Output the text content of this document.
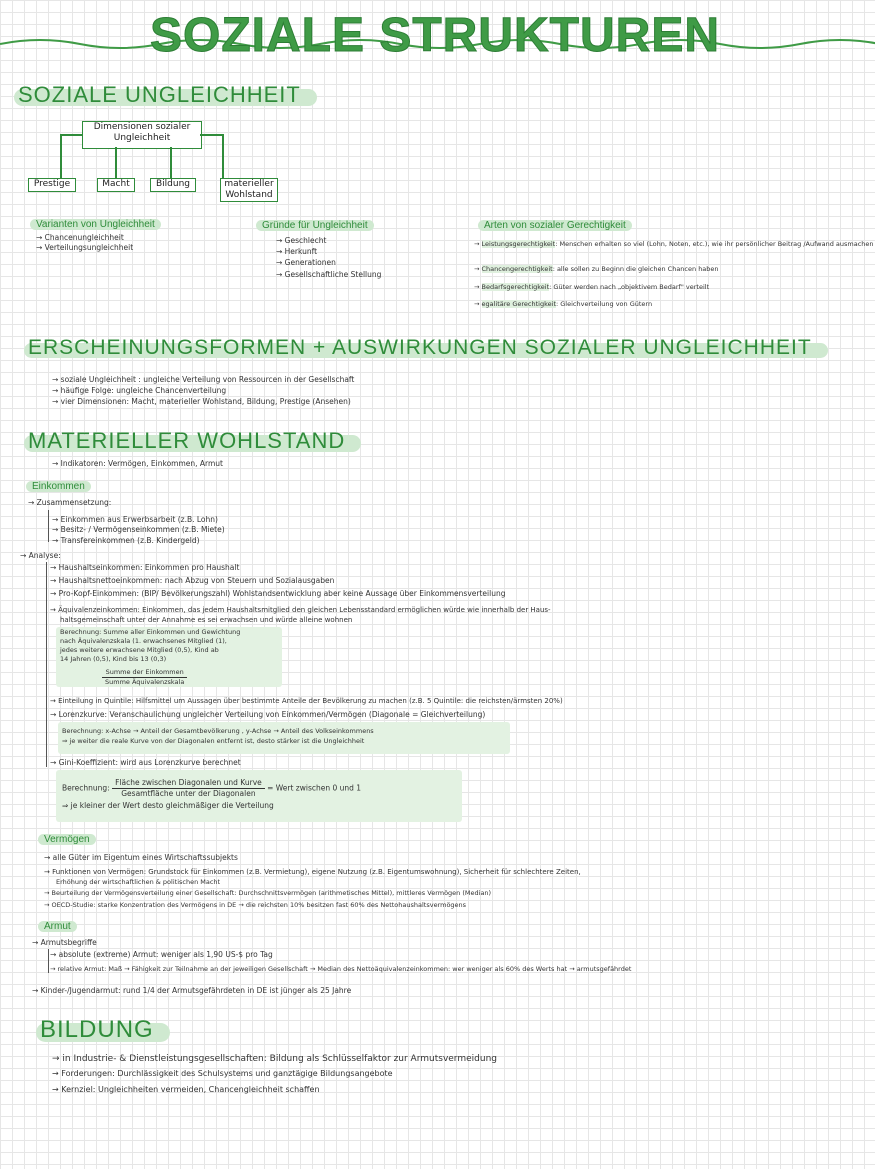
SOZIALE STRUKTUREN
SOZIALE UNGLEICHHEIT
Dimensionen sozialer Ungleichheit
Prestige	Macht	Bildung	materieller Wohlstand
Varianten von Ungleichheit
→ Chancenungleichheit
→ Verteilungsungleichheit
Gründe für Ungleichheit
→ Geschlecht
→ Herkunft
→ Generationen
→ Gesellschaftliche Stellung
Arten von sozialer Gerechtigkeit
→ Leistungsgerechtigkeit: Menschen erhalten so viel (Lohn, Noten, etc.), wie ihr persönlicher Beitrag /Aufwand ausmachen
→ Chancengerechtigkeit: alle sollen zu Beginn die gleichen Chancen haben
→ Bedarfsgerechtigkeit: Güter werden nach „objektivem Bedarf" verteilt
→ egalitäre Gerechtigkeit: Gleichverteilung von Gütern
ERSCHEINUNGSFORMEN + AUSWIRKUNGEN SOZIALER UNGLEICHHEIT
→ soziale Ungleichheit : ungleiche Verteilung von Ressourcen in der Gesellschaft
→ häufige Folge: ungleiche Chancenverteilung
→ vier Dimensionen: Macht, materieller Wohlstand, Bildung, Prestige (Ansehen)
MATERIELLER WOHLSTAND
→ Indikatoren: Vermögen, Einkommen, Armut
Einkommen
→ Zusammensetzung:
→ Einkommen aus Erwerbsarbeit (z.B. Lohn)
→ Besitz- / Vermögenseinkommen (z.B. Miete)
→ Transfereinkommen (z.B. Kindergeld)
→ Analyse:
→ Haushaltseinkommen: Einkommen pro Haushalt
→ Haushaltsnettoeinkommen: nach Abzug von Steuern und Sozialausgaben
→ Pro-Kopf-Einkommen: (BIP/ Bevölkerungszahl) Wohlstandsentwicklung aber keine Aussage über Einkommensverteilung
→ Äquivalenzeinkommen: Einkommen, das jedem Haushaltsmitglied den gleichen Lebensstandard ermöglichen würde wie innerhalb der Haus-
haltsgemeinschaft unter der Annahme es sei erwachsen und würde alleine wohnen
Berechnung: Summe aller Einkommen und Gewichtung
nach Äquivalenzskala (1. erwachsenes Mitglied (1),
jedes weitere erwachsene Mitglied (0,5), Kind ab
14 Jahren (0,5), Kind bis 13 (0,3)
$\frac{\text{Summe der Einkommen}}{\text{Summe Äquivalenzskala}}$
→ Einteilung in Quintile: Hilfsmittel um Aussagen über bestimmte Anteile der Bevölkerung zu machen (z.B. 5 Quintile: die reichsten/ärmsten 20%)
→ Lorenzkurve: Veranschaulichung ungleicher Verteilung von Einkommen/Vermögen (Diagonale = Gleichverteilung)
Berechnung: x-Achse → Anteil der Gesamtbevölkerung , y-Achse → Anteil des Volkseinkommens
⇒ je weiter die reale Kurve von der Diagonalen entfernt ist, desto stärker ist die Ungleichheit
→ Gini-Koeffizient: wird aus Lorenzkurve berechnet
Berechnung: $\frac{\text{Fläche zwischen Diagonalen und Kurve}}{\text{Gesamtfläche unter der Diagonalen}}$ = Wert zwischen 0 und 1
⇒ je kleiner der Wert desto gleichmäßiger die Verteilung
Vermögen
→ alle Güter im Eigentum eines Wirtschaftssubjekts
→ Funktionen von Vermögen: Grundstock für Einkommen (z.B. Vermietung), eigene Nutzung (z.B. Eigentumswohnung), Sicherheit für schlechtere Zeiten,
Erhöhung der wirtschaftlichen & politischen Macht
→ Beurteilung der Vermögensverteilung einer Gesellschaft: Durchschnittsvermögen (arithmetisches Mittel), mittleres Vermögen (Median)
→ OECD-Studie: starke Konzentration des Vermögens in DE → die reichsten 10% besitzen fast 60% des Nettohaushaltsvermögens
Armut
→ Armutsbegriffe
→ absolute (extreme) Armut: weniger als 1,90 US-$ pro Tag
→ relative Armut: Maß → Fähigkeit zur Teilnahme an der jeweiligen Gesellschaft → Median des Nettoäquivalenzeinkommen: wer weniger als 60% des Werts hat → armutsgefährdet
→ Kinder-/Jugendarmut: rund 1/4 der Armutsgefährdeten in DE ist jünger als 25 Jahre
BILDUNG
→ in Industrie- & Dienstleistungsgesellschaften: Bildung als Schlüsselfaktor zur Armutsvermeidung
→ Forderungen: Durchlässigkeit des Schulsystems und ganztägige Bildungsangebote
→ Kernziel: Ungleichheiten vermeiden, Chancengleichheit schaffen
